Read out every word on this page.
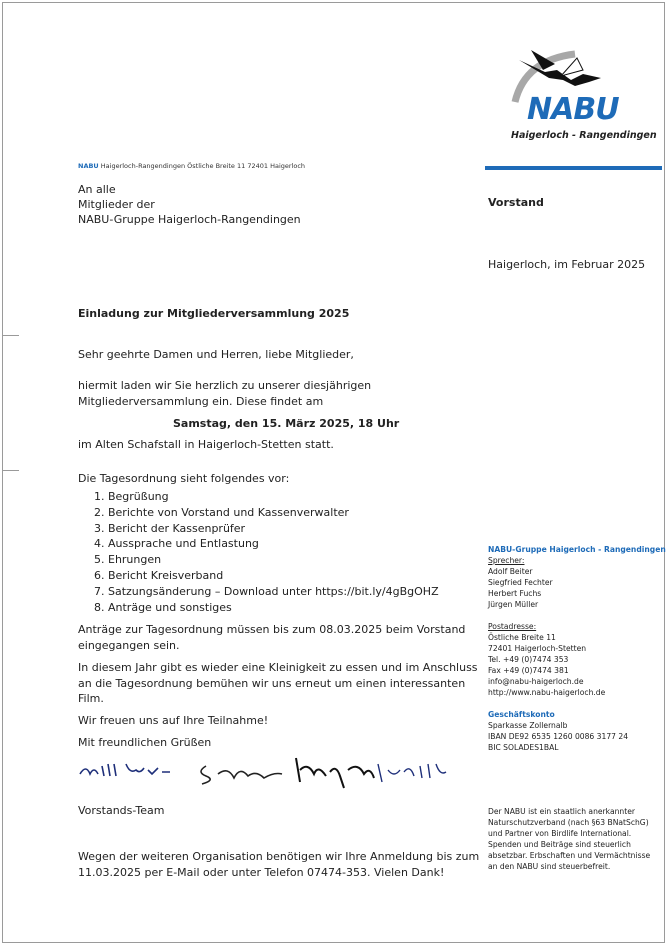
NABU
Haigerloch - Rangendingen
NABU Haigerloch-Rangendingen Östliche Breite 11 72401 Haigerloch
An alle
Mitglieder der
NABU-Gruppe Haigerloch-Rangendingen
Vorstand
Haigerloch, im Februar 2025
Einladung zur Mitgliederversammlung 2025
Sehr geehrte Damen und Herren, liebe Mitglieder,
hiermit laden wir Sie herzlich zu unserer diesjährigen
Mitgliederversammlung ein. Diese findet am
Samstag, den 15. März 2025, 18 Uhr
im Alten Schafstall in Haigerloch-Stetten statt.
Die Tagesordnung sieht folgendes vor:
1. Begrüßung
2. Berichte von Vorstand und Kassenverwalter
3. Bericht der Kassenprüfer
4. Aussprache und Entlastung
5. Ehrungen
6. Bericht Kreisverband
7. Satzungsänderung – Download unter https://bit.ly/4gBgOHZ
8. Anträge und sonstiges
Anträge zur Tagesordnung müssen bis zum 08.03.2025 beim Vorstand
eingegangen sein.
In diesem Jahr gibt es wieder eine Kleinigkeit zu essen und im Anschluss
an die Tagesordnung bemühen wir uns erneut um einen interessanten
Film.
Wir freuen uns auf Ihre Teilnahme!
Mit freundlichen Grüßen
Vorstands-Team
Wegen der weiteren Organisation benötigen wir Ihre Anmeldung bis zum
11.03.2025 per E-Mail oder unter Telefon 07474-353. Vielen Dank!
NABU-Gruppe Haigerloch - Rangendingen
Sprecher:
Adolf Beiter
Siegfried Fechter
Herbert Fuchs
Jürgen Müller
Postadresse:
Östliche Breite 11
72401 Haigerloch-Stetten
Tel. +49 (0)7474 353
Fax +49 (0)7474 381
info@nabu-haigerloch.de
http://www.nabu-haigerloch.de
Geschäftskonto
Sparkasse Zollernalb
IBAN DE92 6535 1260 0086 3177 24
BIC SOLADES1BAL
Der NABU ist ein staatlich anerkannter
Naturschutzverband (nach §63 BNatSchG)
und Partner von Birdlife International.
Spenden und Beiträge sind steuerlich
absetzbar. Erbschaften und Vermächtnisse
an den NABU sind steuerbefreit.
